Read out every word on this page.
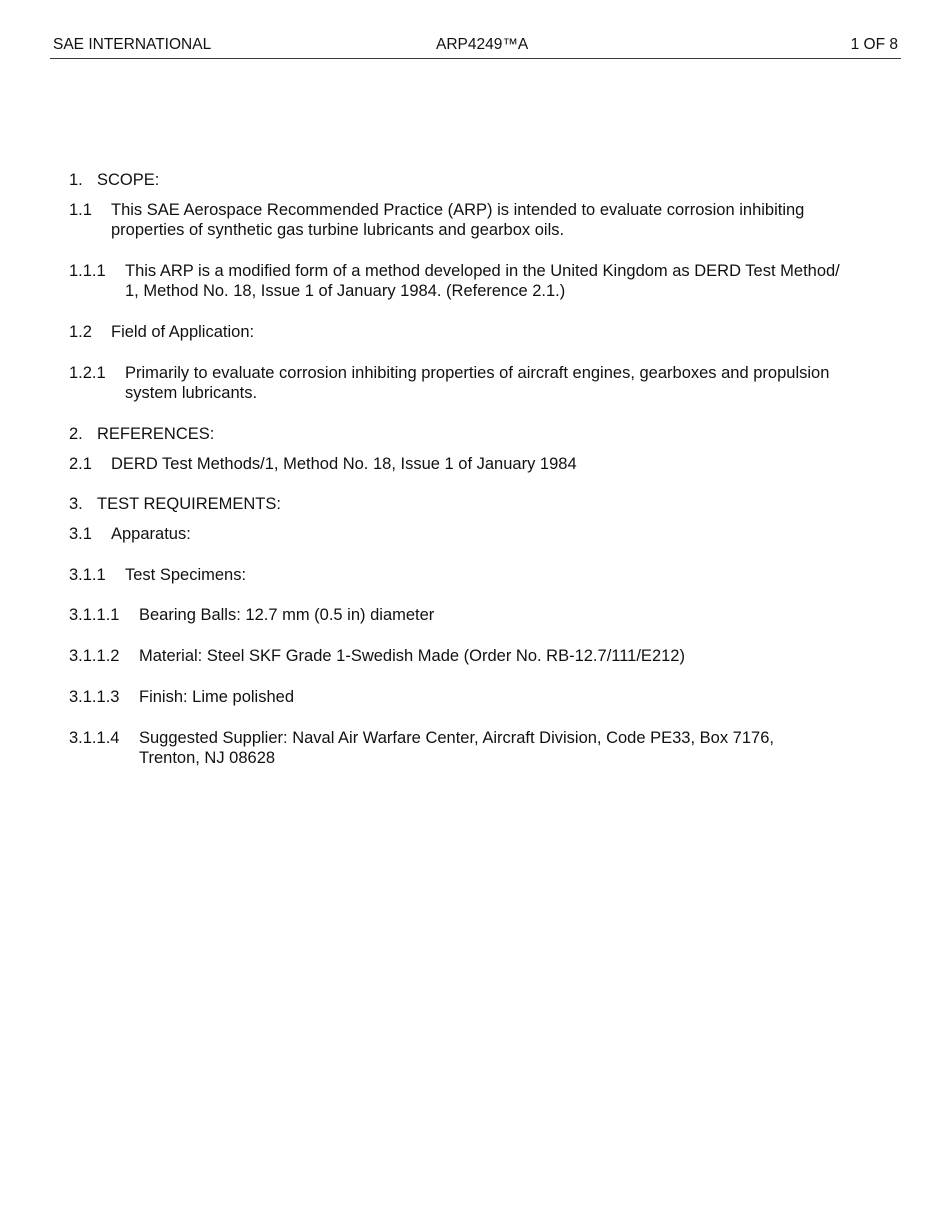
SAE INTERNATIONAL	ARP4249™A	1 OF 8
1. SCOPE:
1.1 This SAE Aerospace Recommended Practice (ARP) is intended to evaluate corrosion inhibiting
properties of synthetic gas turbine lubricants and gearbox oils.
1.1.1 This ARP is a modified form of a method developed in the United Kingdom as DERD Test Method/
1, Method No. 18, Issue 1 of January 1984. (Reference 2.1.)
1.2 Field of Application:
1.2.1 Primarily to evaluate corrosion inhibiting properties of aircraft engines, gearboxes and propulsion
system lubricants.
2. REFERENCES:
2.1 DERD Test Methods/1, Method No. 18, Issue 1 of January 1984
3. TEST REQUIREMENTS:
3.1 Apparatus:
3.1.1 Test Specimens:
3.1.1.1 Bearing Balls: 12.7 mm (0.5 in) diameter
3.1.1.2 Material: Steel SKF Grade 1-Swedish Made (Order No. RB-12.7/111/E212)
3.1.1.3 Finish: Lime polished
3.1.1.4 Suggested Supplier: Naval Air Warfare Center, Aircraft Division, Code PE33, Box 7176,
Trenton, NJ 08628
